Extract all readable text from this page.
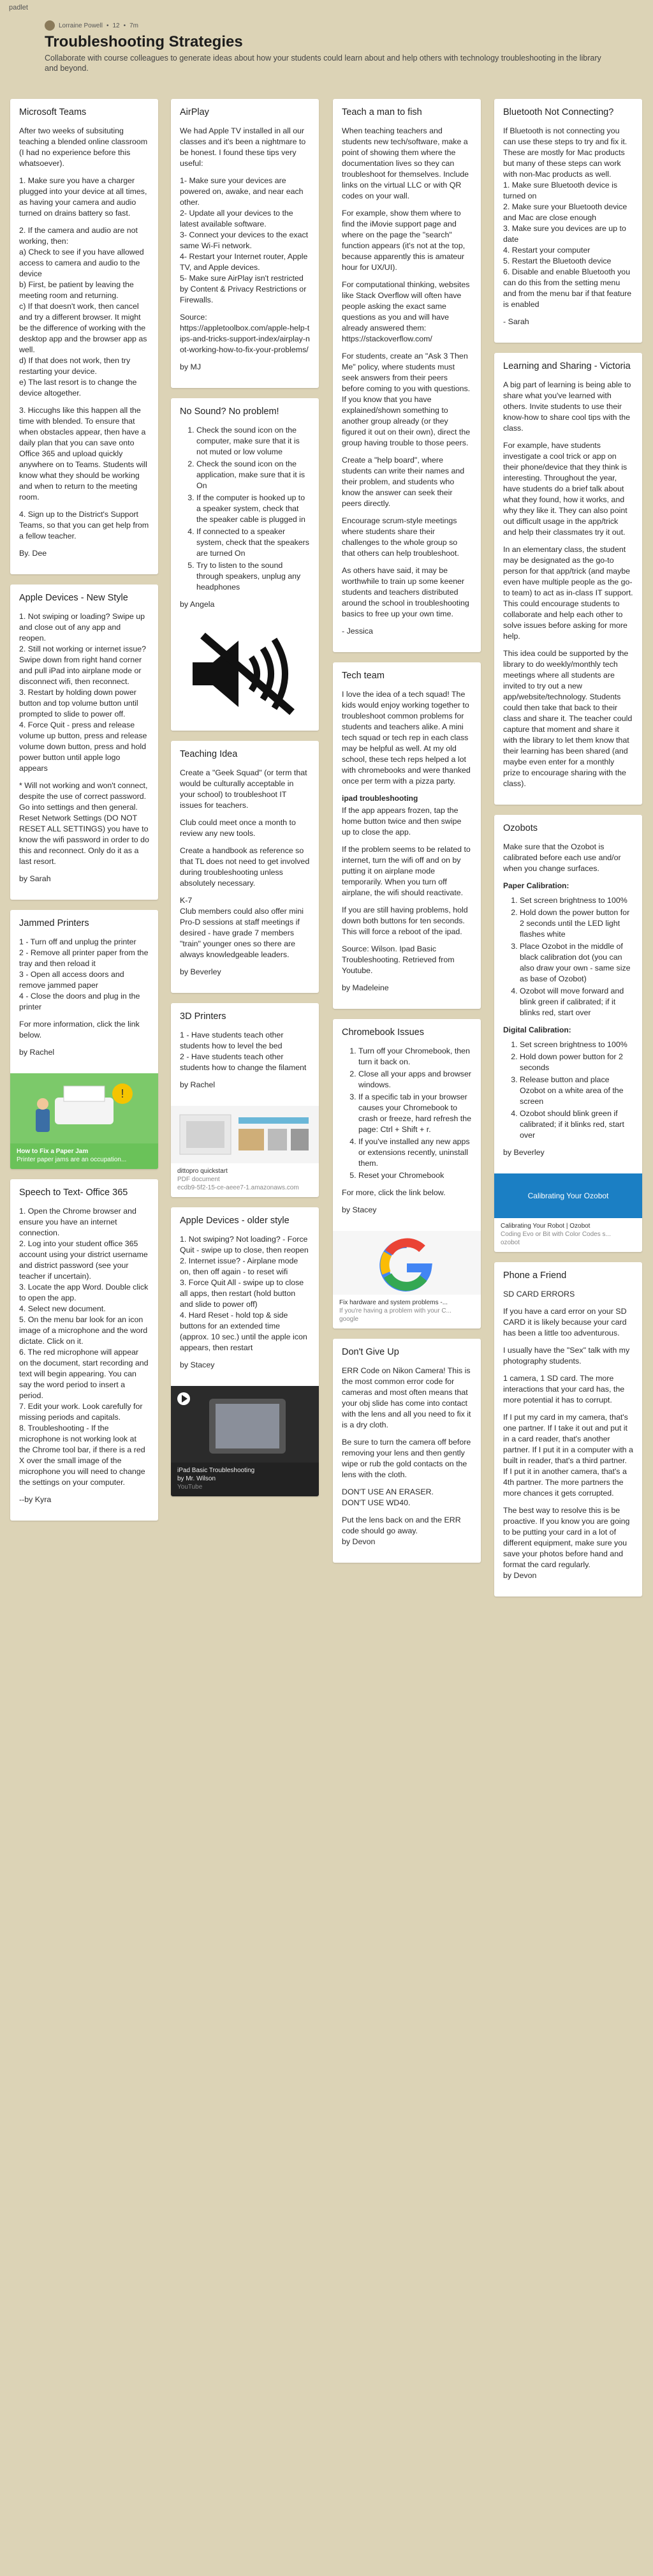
padlet
Lorraine Powell • 12 • 7m
Troubleshooting Strategies
Collaborate with course colleagues to generate ideas about how your students could learn about and help others with technology troubleshooting in the library and beyond.
Microsoft Teams

After two weeks of subsituting teaching a blended online classroom (I had no experience before this whatsoever).

1. Make sure you have a charger plugged into your device at all times, as having your camera and audio turned on drains battery so fast.

2. If the camera and audio are not working, then:
a) Check to see if you have allowed access to camera and audio to the device
b) First, be patient by leaving the meeting room and returning.
c) If that doesn't work, then cancel and try a different browser. It might be the difference of working with the desktop app and the browser app as well.
d) If that does not work, then try restarting your device.
e) The last resort is to change the device altogether.

3. Hiccughs like this happen all the time with blended. To ensure that when obstacles appear, then have a daily plan that you can save onto Office 365 and upload quickly anywhere on to Teams. Students will know what they should be working and when to return to the meeting room.

4. Sign up to the District's Support Teams, so that you can get help from a fellow teacher.

By. Dee

Apple Devices - New Style

1. Not swiping or loading? Swipe up and close out of any app and reopen.
2. Still not working or internet issue? Swipe down from right hand corner and pull iPad into airplane mode or disconnect wifi, then reconnect.
3. Restart by holding down power button and top volume button until prompted to slide to power off.
4. Force Quit - press and release volume up button, press and release volume down button, press and hold power button until apple logo appears

* Will not working and won't connect, despite the use of correct password. Go into settings and then general. Reset Network Settings (DO NOT RESET ALL SETTINGS) you have to know the wifi password in order to do this and reconnect. Only do it as a last resort.

by Sarah

Jammed Printers

1 - Turn off and unplug the printer
2 - Remove all printer paper from the tray and then reload it
3 - Open all access doors and remove jammed paper
4 - Close the doors and plug in the printer

For more information, click the link below.

by Rachel

!
How to Fix a Paper Jam
Printer paper jams are an occupation...
Speech to Text- Office 365

1. Open the Chrome browser and ensure you have an internet connection.
2. Log into your student office 365 account using your district username and district password (see your teacher if uncertain).
3. Locate the app Word. Double click to open the app.
4. Select new document.
5. On the menu bar look for an icon image of a microphone and the word dictate. Click on it.
6. The red microphone will appear on the document, start recording and text will begin appearing. You can say the word period to insert a period.
7. Edit your work. Look carefully for missing periods and capitals.
8. Troubleshooting - If the microphone is not working look at the Chrome tool bar, if there is a red X over the small image of the microphone you will need to change the settings on your computer.

--by Kyra

AirPlay

We had Apple TV installed in all our classes and it's been a nightmare to be honest. I found these tips very useful:

1- Make sure your devices are powered on, awake, and near each other.
2- Update all your devices to the latest available software.
3- Connect your devices to the exact same Wi-Fi network.
4- Restart your Internet router, Apple TV, and Apple devices.
5- Make sure AirPlay isn't restricted by Content & Privacy Restrictions or Firewalls.

Source:

https://appletoolbox.com/apple-help-tips-and-tricks-support-index/airplay-not-working-how-to-fix-your-problems/

by MJ

No Sound? No problem!
1. Check the sound icon on the computer, make sure that it is not muted or low volume
2. Check the sound icon on the application, make sure that it is On
3. If the computer is hooked up to a speaker system, check that the speaker cable is plugged in
4. If connected to a speaker system, check that the speakers are turned On
5. Try to listen to the sound through speakers, unplug any headphones

by Angela

Teaching Idea

Create a "Geek Squad" (or term that would be culturally acceptable in your school) to troubleshoot IT issues for teachers.

Club could meet once a month to review any new tools.

Create a handbook as reference so that TL does not need to get involved during troubleshooting unless absolutely necessary.

K-7
Club members could also offer mini Pro-D sessions at staff meetings if desired - have grade 7 members "train" younger ones so there are always knowledgeable leaders.

by Beverley

3D Printers

1 - Have students teach other students how to level the bed
2 - Have students teach other students how to change the filament

by Rachel

dittopro quickstart
PDF document
ecdb9-5f2-15-ce-aeee7-1.amazonaws.com
Apple Devices - older style

1. Not swiping? Not loading? - Force Quit - swipe up to close, then reopen
2. Internet issue? - Airplane mode on, then off again - to reset wifi
3. Force Quit All - swipe up to close all apps, then restart (hold button and slide to power off)
4. Hard Reset - hold top & side buttons for an extended time (approx. 10 sec.) until the apple icon appears, then restart

by Stacey

iPad Basic Troubleshooting
by Mr. Wilson
YouTube
Teach a man to fish

When teaching teachers and students new tech/software, make a point of showing them where the documentation lives so they can troubleshoot for themselves. Include links on the virtual LLC or with QR codes on your wall.

For example, show them where to find the iMovie support page and where on the page the "search" function appears (it's not at the top, because apparently this is amateur hour for UX/UI).

For computational thinking, websites like Stack Overflow will often have people asking the exact same questions as you and will have already answered them:

https://stackoverflow.com/

For students, create an "Ask 3 Then Me" policy, where students must seek answers from their peers before coming to you with questions. If you know that you have explained/shown something to another group already (or they figured it out on their own), direct the group having trouble to those peers.

Create a "help board", where students can write their names and their problem, and students who know the answer can seek their peers directly.

Encourage scrum-style meetings where students share their challenges to the whole group so that others can help troubleshoot.

As others have said, it may be worthwhile to train up some keener students and teachers distributed around the school in troubleshooting basics to free up your own time.

- Jessica

Tech team

I love the idea of a tech squad! The kids would enjoy working together to troubleshoot common problems for students and teachers alike. A mini tech squad or tech rep in each class may be helpful as well. At my old school, these tech reps helped a lot with chromebooks and were thanked once per term with a pizza party.

ipad troubleshooting

If the app appears frozen, tap the home button twice and then swipe up to close the app.

If the problem seems to be related to internet, turn the wifi off and on by putting it on airplane mode temporarily. When you turn off airplane, the wifi should reactivate.

If you are still having problems, hold down both buttons for ten seconds. This will force a reboot of the ipad.

Source: Wilson. Ipad Basic Troubleshooting. Retrieved from Youtube.

by Madeleine

Chromebook Issues
1. Turn off your Chromebook, then turn it back on.
2. Close all your apps and browser windows.
3. If a specific tab in your browser causes your Chromebook to crash or freeze, hard refresh the page: Ctrl + Shift + r.
4. If you've installed any new apps or extensions recently, uninstall them.
5. Reset your Chromebook

For more, click the link below.

by Stacey

Fix hardware and system problems -...
If you're having a problem with your C...
google
Don't Give Up

ERR Code on Nikon Camera! This is the most common error code for cameras and most often means that your obj slide has come into contact with the lens and all you need to fix it is a dry cloth.

Be sure to turn the camera off before removing your lens and then gently wipe or rub the gold contacts on the lens with the cloth.

DON'T USE AN ERASER.
DON'T USE WD40.

Put the lens back on and the ERR code should go away.

by Devon

Bluetooth Not Connecting?

If Bluetooth is not connecting you can use these steps to try and fix it. These are mostly for Mac products but many of these steps can work with non-Mac products as well.
1. Make sure Bluetooth device is turned on
2. Make sure your Bluetooth device and Mac are close enough
3. Make sure you devices are up to date
4. Restart your computer
5. Restart the Bluetooth device
6. Disable and enable Bluetooth you can do this from the setting menu and from the menu bar if that feature is enabled

- Sarah

Learning and Sharing - Victoria

A big part of learning is being able to share what you've learned with others. Invite students to use their know-how to share cool tips with the class.

For example, have students investigate a cool trick or app on their phone/device that they think is interesting. Throughout the year, have students do a brief talk about what they found, how it works, and why they like it. They can also point out difficult usage in the app/trick and help their classmates try it out.

In an elementary class, the student may be designated as the go-to person for that app/trick (and maybe even have multiple people as the go-to team) to act as in-class IT support. This could encourage students to collaborate and help each other to solve issues before asking for more help.

This idea could be supported by the library to do weekly/monthly tech meetings where all students are invited to try out a new app/website/technology. Students could then take that back to their class and share it. The teacher could capture that moment and share it with the library to let them know that their learning has been shared (and maybe even enter for a monthly prize to encourage sharing with the class).

Ozobots

Make sure that the Ozobot is calibrated before each use and/or when you change surfaces.

Paper Calibration:

1. Set screen brightness to 100%
2. Hold down the power button for 2 seconds until the LED light flashes white
3. Place Ozobot in the middle of black calibration dot (you can also draw your own - same size as base of Ozobot)
4. Ozobot will move forward and blink green if calibrated; if it blinks red, start over

Digital Calibration:

1. Set screen brightness to 100%
2. Hold down power button for 2 seconds
3. Release button and place Ozobot on a white area of the screen
4. Ozobot should blink green if calibrated; if it blinks red, start over

by Beverley

Calibrating Your Ozobot
Calibrating Your Robot | Ozobot
Coding Evo or Bit with Color Codes s...
ozobot
Phone a Friend

SD CARD ERRORS

If you have a card error on your SD CARD it is likely because your card has been a little too adventurous.

I usually have the "Sex" talk with my photography students.

1 camera, 1 SD card. The more interactions that your card has, the more potential it has to corrupt.

If I put my card in my camera, that's one partner. If I take it out and put it in a card reader, that's another partner. If I put it in a computer with a built in reader, that's a third partner. If I put it in another camera, that's a 4th partner. The more partners the more chances it gets corrupted.

The best way to resolve this is be proactive. If you know you are going to be putting your card in a lot of different equipment, make sure you save your photos before hand and format the card regularly.

by Devon
